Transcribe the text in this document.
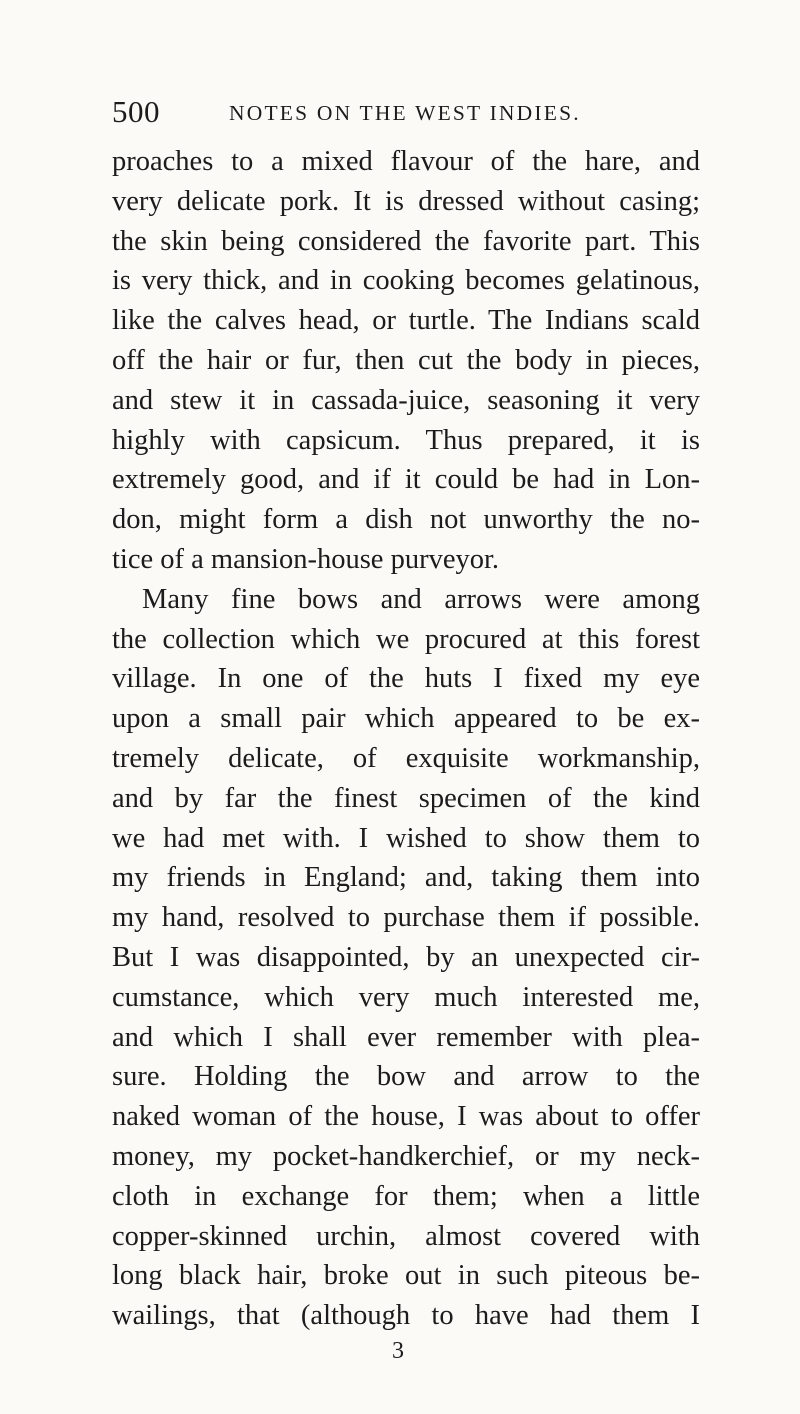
500	NOTES ON THE WEST INDIES.
proaches to a mixed flavour of the hare, and
very delicate pork. It is dressed without casing;
the skin being considered the favorite part. This
is very thick, and in cooking becomes gelatinous,
like the calves head, or turtle. The Indians scald
off the hair or fur, then cut the body in pieces,
and stew it in cassada-juice, seasoning it very
highly with capsicum. Thus prepared, it is
extremely good, and if it could be had in Lon-
don, might form a dish not unworthy the no-
tice of a mansion-house purveyor.
Many fine bows and arrows were among
the collection which we procured at this forest
village. In one of the huts I fixed my eye
upon a small pair which appeared to be ex-
tremely delicate, of exquisite workmanship,
and by far the finest specimen of the kind
we had met with. I wished to show them to
my friends in England; and, taking them into
my hand, resolved to purchase them if possible.
But I was disappointed, by an unexpected cir-
cumstance, which very much interested me,
and which I shall ever remember with plea-
sure. Holding the bow and arrow to the
naked woman of the house, I was about to offer
money, my pocket-handkerchief, or my neck-
cloth in exchange for them; when a little
copper-skinned urchin, almost covered with
long black hair, broke out in such piteous be-
wailings, that (although to have had them I
3
